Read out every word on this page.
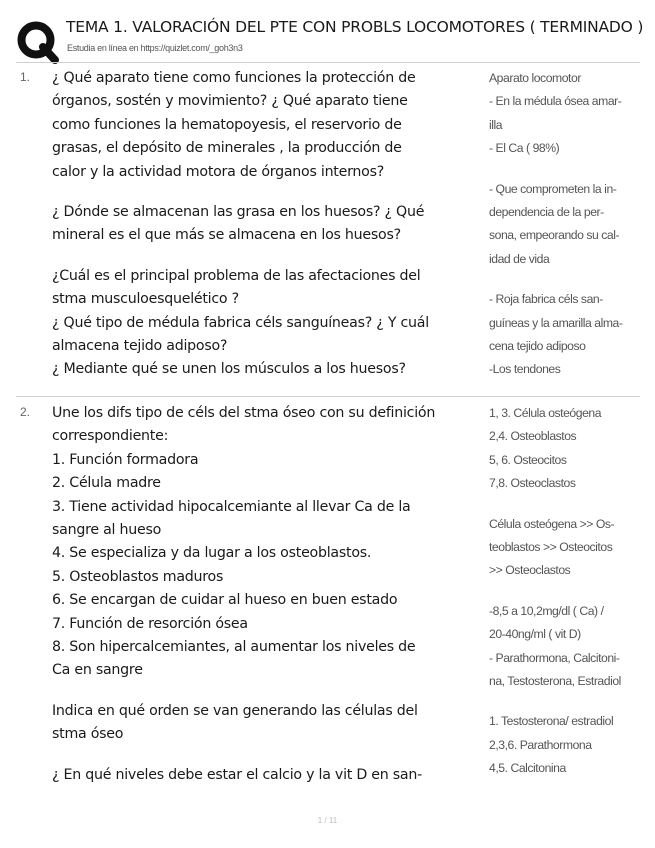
TEMA 1. VALORACIÓN DEL PTE CON PROBLS LOCOMOTORES ( TERMINADO )
Estudia en línea en https://quizlet.com/_goh3n3
1. ¿ Qué aparato tiene como funciones la protección de

órganos, sostén y movimiento? ¿ Qué aparato tiene

como funciones la hematopoyesis, el reservorio de

grasas, el depósito de minerales , la producción de

calor y la actividad motora de órganos internos?

¿ Dónde se almacenan las grasa en los huesos? ¿ Qué

mineral es el que más se almacena en los huesos?

¿Cuál es el principal problema de las afectaciones del

stma musculoesquelético ?

¿ Qué tipo de médula fabrica céls sanguíneas? ¿ Y cuál

almacena tejido adiposo?

¿ Mediante qué se unen los músculos a los huesos?

Aparato locomotor

- En la médula ósea amar-

illa

- El Ca ( 98%)

- Que comprometen la in-

dependencia de la per-

sona, empeorando su cal-

idad de vida

- Roja fabrica céls san-

guíneas y la amarilla alma-

cena tejido adiposo

-Los tendones

2. Une los difs tipo de céls del stma óseo con su definición

correspondiente:

1. Función formadora

2. Célula madre

3. Tiene actividad hipocalcemiante al llevar Ca de la

sangre al hueso

4. Se especializa y da lugar a los osteoblastos.

5. Osteoblastos maduros

6. Se encargan de cuidar al hueso en buen estado

7. Función de resorción ósea

8. Son hipercalcemiantes, al aumentar los niveles de

Ca en sangre

Indica en qué orden se van generando las células del

stma óseo

¿ En qué niveles debe estar el calcio y la vit D en san-

1, 3. Célula osteógena

2,4. Osteoblastos

5, 6. Osteocitos

7,8. Osteoclastos

Célula osteógena >> Os-

teoblastos >> Osteocitos

>> Osteoclastos

-8,5 a 10,2mg/dl ( Ca) /

20-40ng/ml ( vit D)

- Parathormona, Calcitoni-

na, Testosterona, Estradiol

1. Testosterona/ estradiol

2,3,6. Parathormona

4,5. Calcitonina

1 / 11
